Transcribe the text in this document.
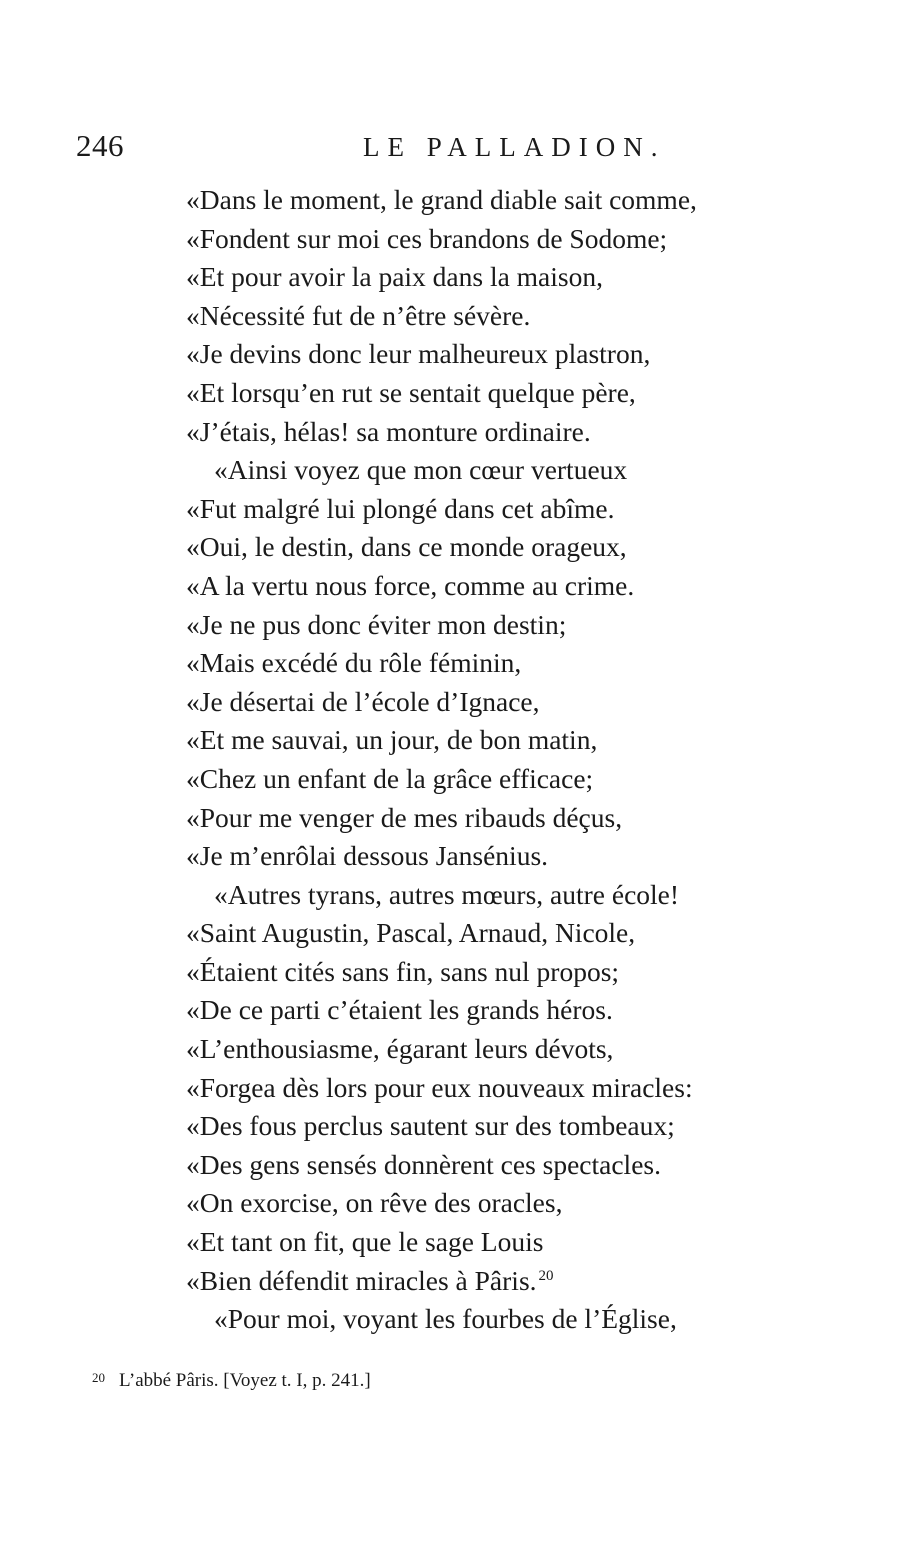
246	LE PALLADION.
«Dans le moment, le grand diable sait comme,
«Fondent sur moi ces brandons de Sodome;
«Et pour avoir la paix dans la maison,
«Nécessité fut de n’être sévère.
«Je devins donc leur malheureux plastron,
«Et lorsqu’en rut se sentait quelque père,
«J’étais, hélas! sa monture ordinaire.
«Ainsi voyez que mon cœur vertueux
«Fut malgré lui plongé dans cet abîme.
«Oui, le destin, dans ce monde orageux,
«A la vertu nous force, comme au crime.
«Je ne pus donc éviter mon destin;
«Mais excédé du rôle féminin,
«Je désertai de l’école d’Ignace,
«Et me sauvai, un jour, de bon matin,
«Chez un enfant de la grâce efficace;
«Pour me venger de mes ribauds déçus,
«Je m’enrôlai dessous Jansénius.
«Autres tyrans, autres mœurs, autre école!
«Saint Augustin, Pascal, Arnaud, Nicole,
«Étaient cités sans fin, sans nul propos;
«De ce parti c’étaient les grands héros.
«L’enthousiasme, égarant leurs dévots,
«Forgea dès lors pour eux nouveaux miracles:
«Des fous perclus sautent sur des tombeaux;
«Des gens sensés donnèrent ces spectacles.
«On exorcise, on rêve des oracles,
«Et tant on fit, que le sage Louis
«Bien défendit miracles à Pâris. $^{20}$
«Pour moi, voyant les fourbes de l’Église,
$^{20}$ L’abbé Pâris. [Voyez t. I, p. 241.]
